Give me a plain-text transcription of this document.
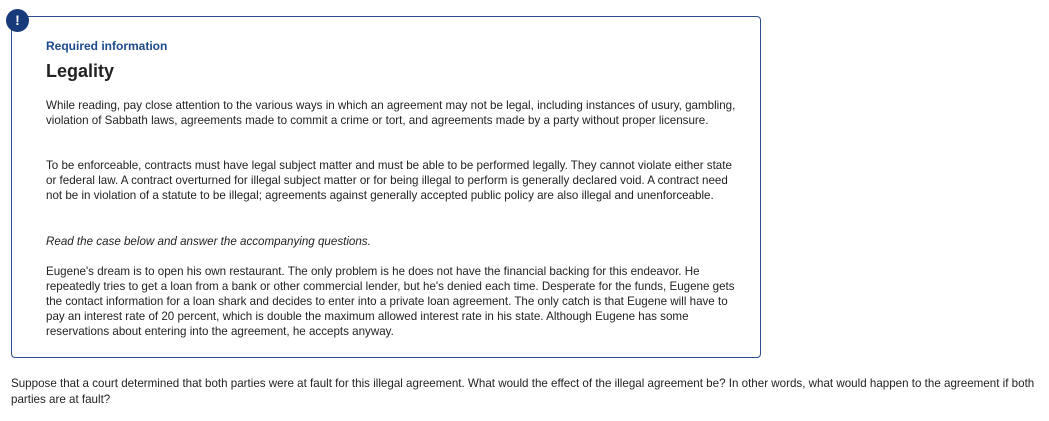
!
Required information
Legality

While reading, pay close attention to the various ways in which an agreement may not be legal, including instances of usury, gambling, violation of Sabbath laws, agreements made to commit a crime or tort, and agreements made by a party without proper licensure.

To be enforceable, contracts must have legal subject matter and must be able to be performed legally. They cannot violate either state or federal law. A contract overturned for illegal subject matter or for being illegal to perform is generally declared void. A contract need not be in violation of a statute to be illegal; agreements against generally accepted public policy are also illegal and unenforceable.

Read the case below and answer the accompanying questions.

Eugene's dream is to open his own restaurant. The only problem is he does not have the financial backing for this endeavor. He repeatedly tries to get a loan from a bank or other commercial lender, but he's denied each time. Desperate for the funds, Eugene gets the contact information for a loan shark and decides to enter into a private loan agreement. The only catch is that Eugene will have to pay an interest rate of 20 percent, which is double the maximum allowed interest rate in his state. Although Eugene has some reservations about entering into the agreement, he accepts anyway.

Suppose that a court determined that both parties were at fault for this illegal agreement. What would the effect of the illegal agreement be? In other words, what would happen to the agreement if both parties are at fault?
